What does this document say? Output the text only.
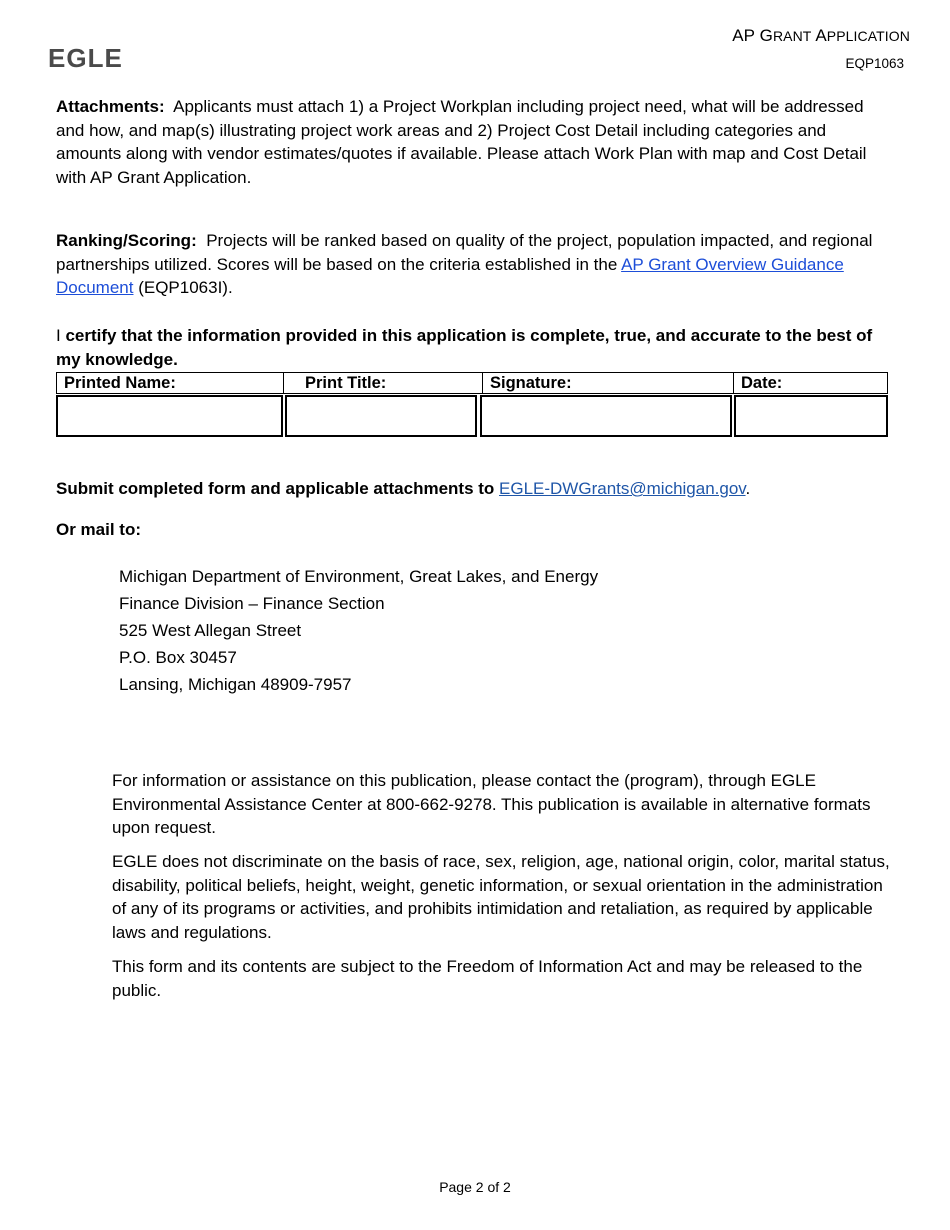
EGLE
AP GRANT APPLICATION
EQP1063
Attachments: Applicants must attach 1) a Project Workplan including project need, what will be addressed and how, and map(s) illustrating project work areas and 2) Project Cost Detail including categories and amounts along with vendor estimates/quotes if available. Please attach Work Plan with map and Cost Detail with AP Grant Application.
Ranking/Scoring: Projects will be ranked based on quality of the project, population impacted, and regional partnerships utilized. Scores will be based on the criteria established in the AP Grant Overview Guidance Document (EQP1063I).
I certify that the information provided in this application is complete, true, and accurate to the best of my knowledge.
Printed Name:	Print Title:	Signature:	Date:
Submit completed form and applicable attachments to EGLE-DWGrants@michigan.gov.
Or mail to:
Michigan Department of Environment, Great Lakes, and Energy
Finance Division – Finance Section
525 West Allegan Street
P.O. Box 30457
Lansing, Michigan 48909-7957
For information or assistance on this publication, please contact the (program), through EGLE Environmental Assistance Center at 800-662-9278. This publication is available in alternative formats upon request.
EGLE does not discriminate on the basis of race, sex, religion, age, national origin, color, marital status, disability, political beliefs, height, weight, genetic information, or sexual orientation in the administration of any of its programs or activities, and prohibits intimidation and retaliation, as required by applicable laws and regulations.
This form and its contents are subject to the Freedom of Information Act and may be released to the public.
Page 2 of 2
